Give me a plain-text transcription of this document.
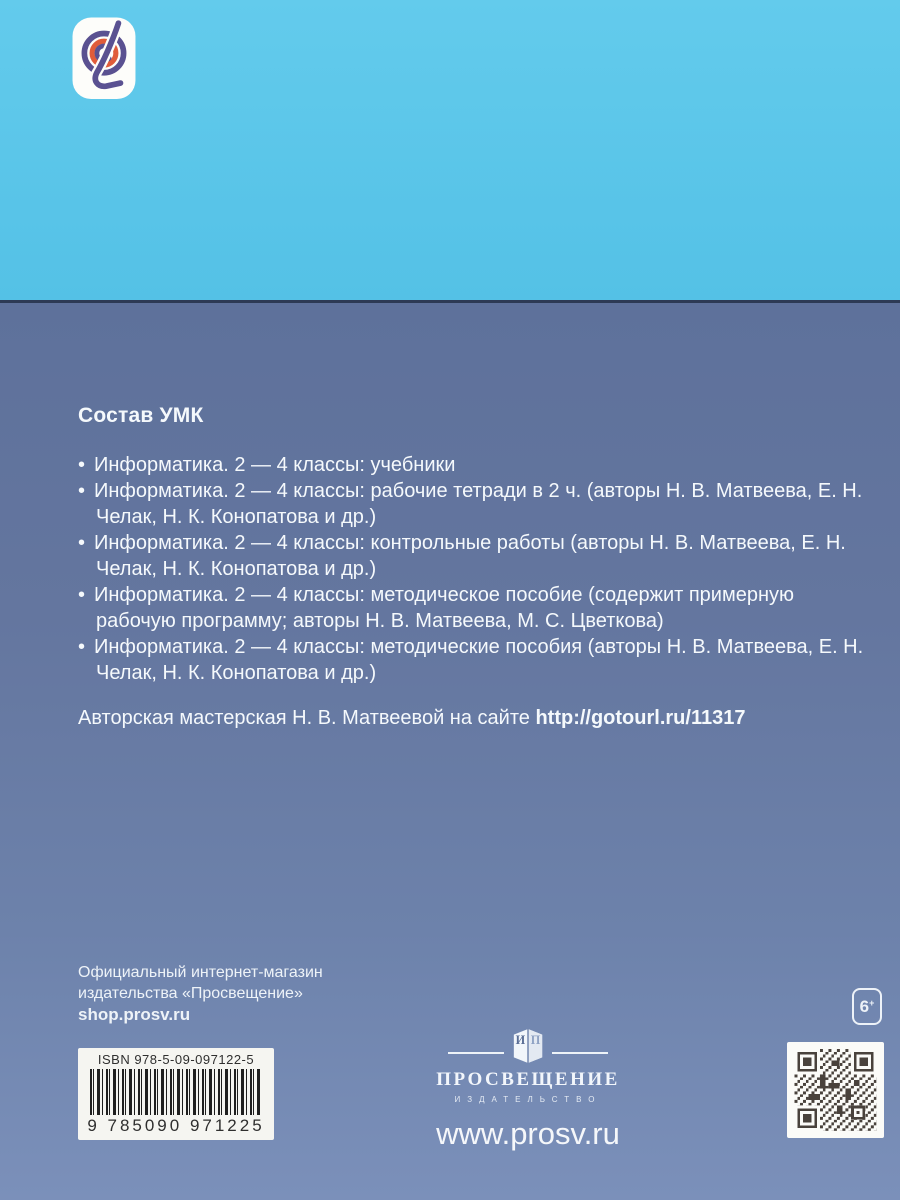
Состав УМК
• Информатика. 2 — 4 классы: учебники
• Информатика. 2 — 4 классы: рабочие тетради в 2 ч. (авторы Н. В. Матвеева, Е. Н. Челак, Н. К. Конопатова и др.)
• Информатика. 2 — 4 классы: контрольные работы (авторы Н. В. Матвеева, Е. Н. Челак, Н. К. Конопатова и др.)
• Информатика. 2 — 4 классы: методическое пособие (содержит примерную рабочую программу; авторы Н. В. Матвеева, М. С. Цветкова)
• Информатика. 2 — 4 классы: методические пособия (авторы Н. В. Матвеева, Е. Н. Челак, Н. К. Конопатова и др.)
Авторская мастерская Н. В. Матвеевой на сайте http://gotourl.ru/11317
Официальный интернет-магазин
издательства «Просвещение»
shop.prosv.ru
ISBN 978-5-09-097122-5
9 785090 971225
И П
ПРОСВЕЩЕНИЕ
ИЗДАТЕЛЬСТВО
www.prosv.ru
6+
